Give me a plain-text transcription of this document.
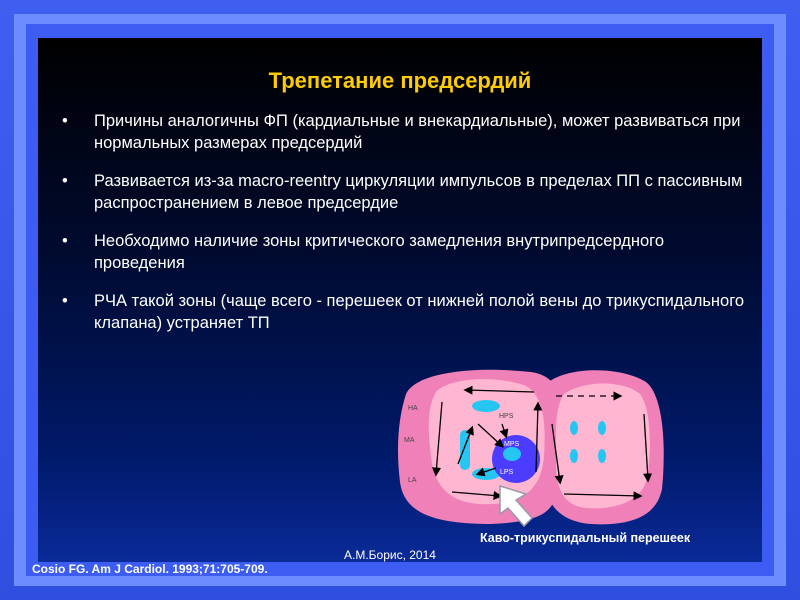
Трепетание предсердий
• Причины аналогичны ФП (кардиальные и внекардиальные), может развиваться при нормальных размерах предсердий
• Развивается из-за macro-reentry циркуляции импульсов в пределах ПП с пассивным распространением в левое предсердие
• Необходимо наличие зоны критического замедления внутрипредсердного проведения
• РЧА такой зоны (чаще всего - перешеек от нижней полой вены до трикуспидального клапана) устраняет ТП
HA
MA
LA
HPS
MPS
LPS
Каво-трикуспидальный перешеек
А.М.Борис, 2014
Cosio FG. Am J Cardiol. 1993;71:705-709.
